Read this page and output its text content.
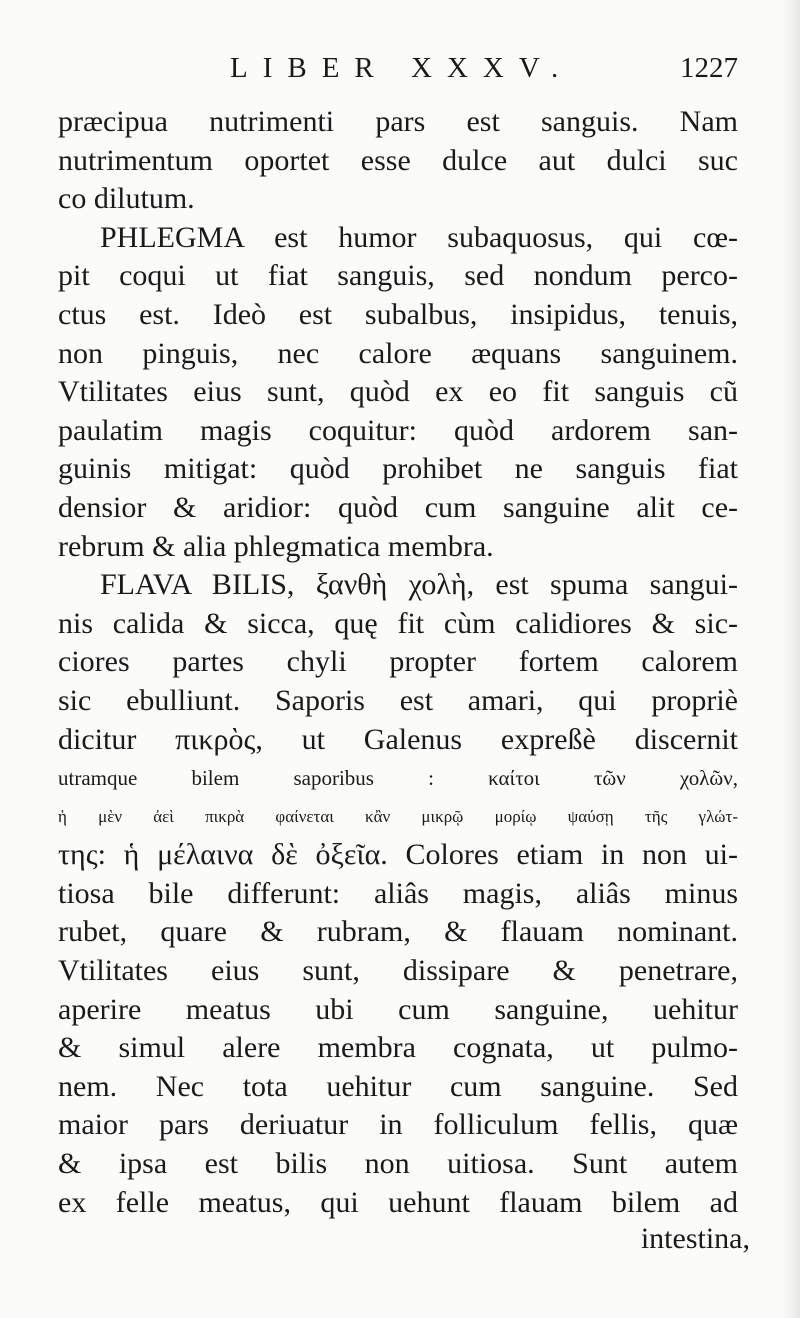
LIBER XXXV.	1227
præcipua nutrimenti pars est sanguis. Nam
nutrimentum oportet esse dulce aut dulci suc
co dilutum.
PHLEGMA est humor subaquosus, qui cœ-
pit coqui ut fiat sanguis, sed nondum perco-
ctus est. Ideò est subalbus, insipidus, tenuis,
non pinguis, nec calore æquans sanguinem.
Vtilitates eius sunt, quòd ex eo fit sanguis cũ
paulatim magis coquitur: quòd ardorem san-
guinis mitigat: quòd prohibet ne sanguis fiat
densior & aridior: quòd cum sanguine alit ce-
rebrum & alia phlegmatica membra.
FLAVA BILIS, ξανθὴ χολὴ, est spuma sangui-
nis calida & sicca, quę fit cùm calidiores & sic-
ciores partes chyli propter fortem calorem
sic ebulliunt. Saporis est amari, qui propriè
dicitur πικρὸς, ut Galenus expreßè discernit
utramque bilem saporibus : καίτοι τῶν χολῶν,
ἡ μὲν ἀεὶ πικρὰ φαίνεται κἂν μικρῷ μορίῳ ψαύσῃ τῆς γλώτ-
της: ἡ μέλαινα δὲ ὀξεῖα. Colores etiam in non ui-
tiosa bile differunt: aliâs magis, aliâs minus
rubet, quare & rubram, & flauam nominant.
Vtilitates eius sunt, dissipare & penetrare,
aperire meatus ubi cum sanguine, uehitur
& simul alere membra cognata, ut pulmo-
nem. Nec tota uehitur cum sanguine. Sed
maior pars deriuatur in folliculum fellis, quæ
& ipsa est bilis non uitiosa. Sunt autem
ex felle meatus, qui uehunt flauam bilem ad
intestina,
